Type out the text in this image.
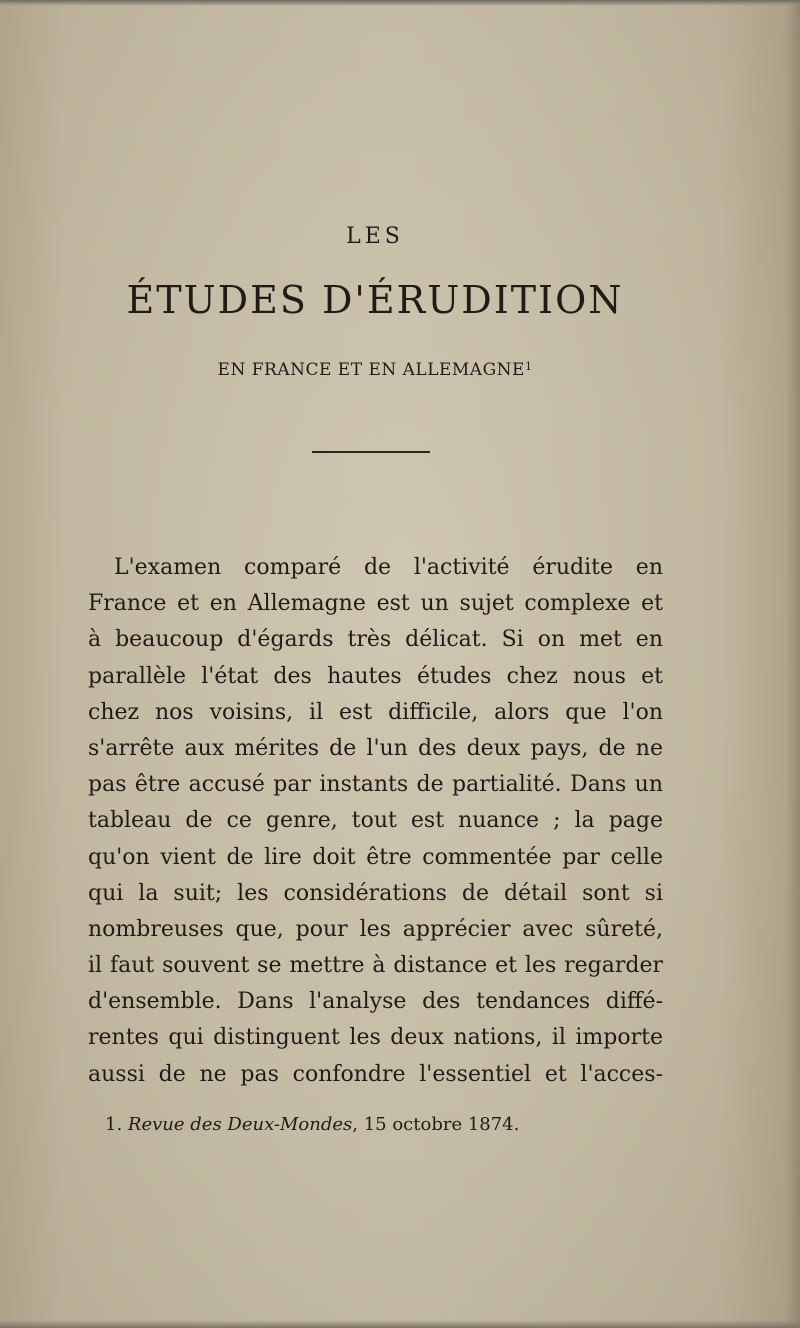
LES
ÉTUDES D'ÉRUDITION
EN FRANCE ET EN ALLEMAGNE$^1$
L'examen comparé de l'activité érudite en
France et en Allemagne est un sujet complexe et
à beaucoup d'égards très délicat. Si on met en
parallèle l'état des hautes études chez nous et
chez nos voisins, il est difficile, alors que l'on
s'arrête aux mérites de l'un des deux pays, de ne
pas être accusé par instants de partialité. Dans un
tableau de ce genre, tout est nuance ; la page
qu'on vient de lire doit être commentée par celle
qui la suit; les considérations de détail sont si
nombreuses que, pour les apprécier avec sûreté,
il faut souvent se mettre à distance et les regarder
d'ensemble. Dans l'analyse des tendances diffé-
rentes qui distinguent les deux nations, il importe
aussi de ne pas confondre l'essentiel et l'acces-
1. Revue des Deux-Mondes, 15 octobre 1874.
